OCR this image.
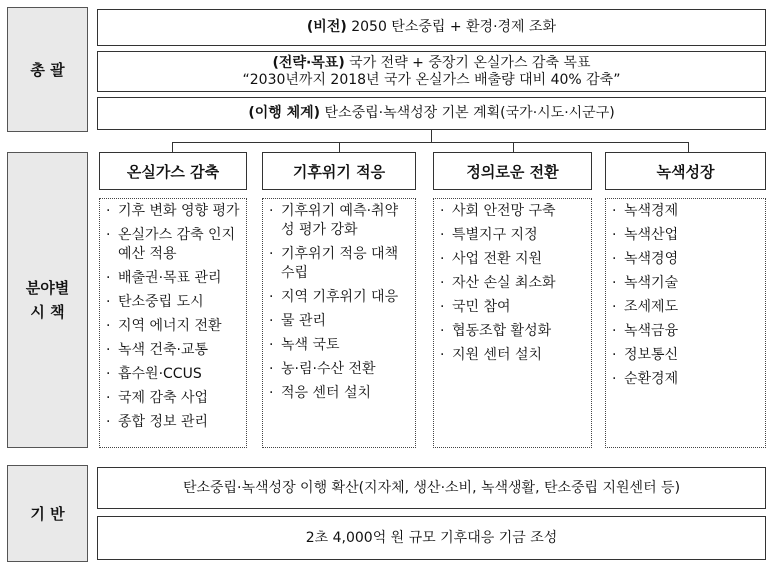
총 괄
분야별
시 책
기 반
(비전) 2050 탄소중립 + 환경·경제 조화
(전략·목표) 국가 전략 + 중장기 온실가스 감축 목표
“2030년까지 2018년 국가 온실가스 배출량 대비 40% 감축”
(이행 체계) 탄소중립·녹색성장 기본 계획(국가·시도·시군구)
온실가스 감축	기후위기 적응	정의로운 전환	녹색성장
· 기후 변화 영향 평가
· 온실가스 감축 인지 예산 적용
· 배출권·목표 관리
· 탄소중립 도시
· 지역 에너지 전환
· 녹색 건축·교통
· 흡수원·CCUS
· 국제 감축 사업
· 종합 정보 관리
· 기후위기 예측·취약성 평가 강화
· 기후위기 적응 대책 수립
· 지역 기후위기 대응
· 물 관리
· 녹색 국토
· 농·림·수산 전환
· 적응 센터 설치
· 사회 안전망 구축
· 특별지구 지정
· 사업 전환 지원
· 자산 손실 최소화
· 국민 참여
· 협동조합 활성화
· 지원 센터 설치
· 녹색경제
· 녹색산업
· 녹색경영
· 녹색기술
· 조세제도
· 녹색금융
· 정보통신
· 순환경제
탄소중립·녹색성장 이행 확산(지자체, 생산·소비, 녹색생활, 탄소중립 지원센터 등)
2초 4,000억 원 규모 기후대응 기금 조성
